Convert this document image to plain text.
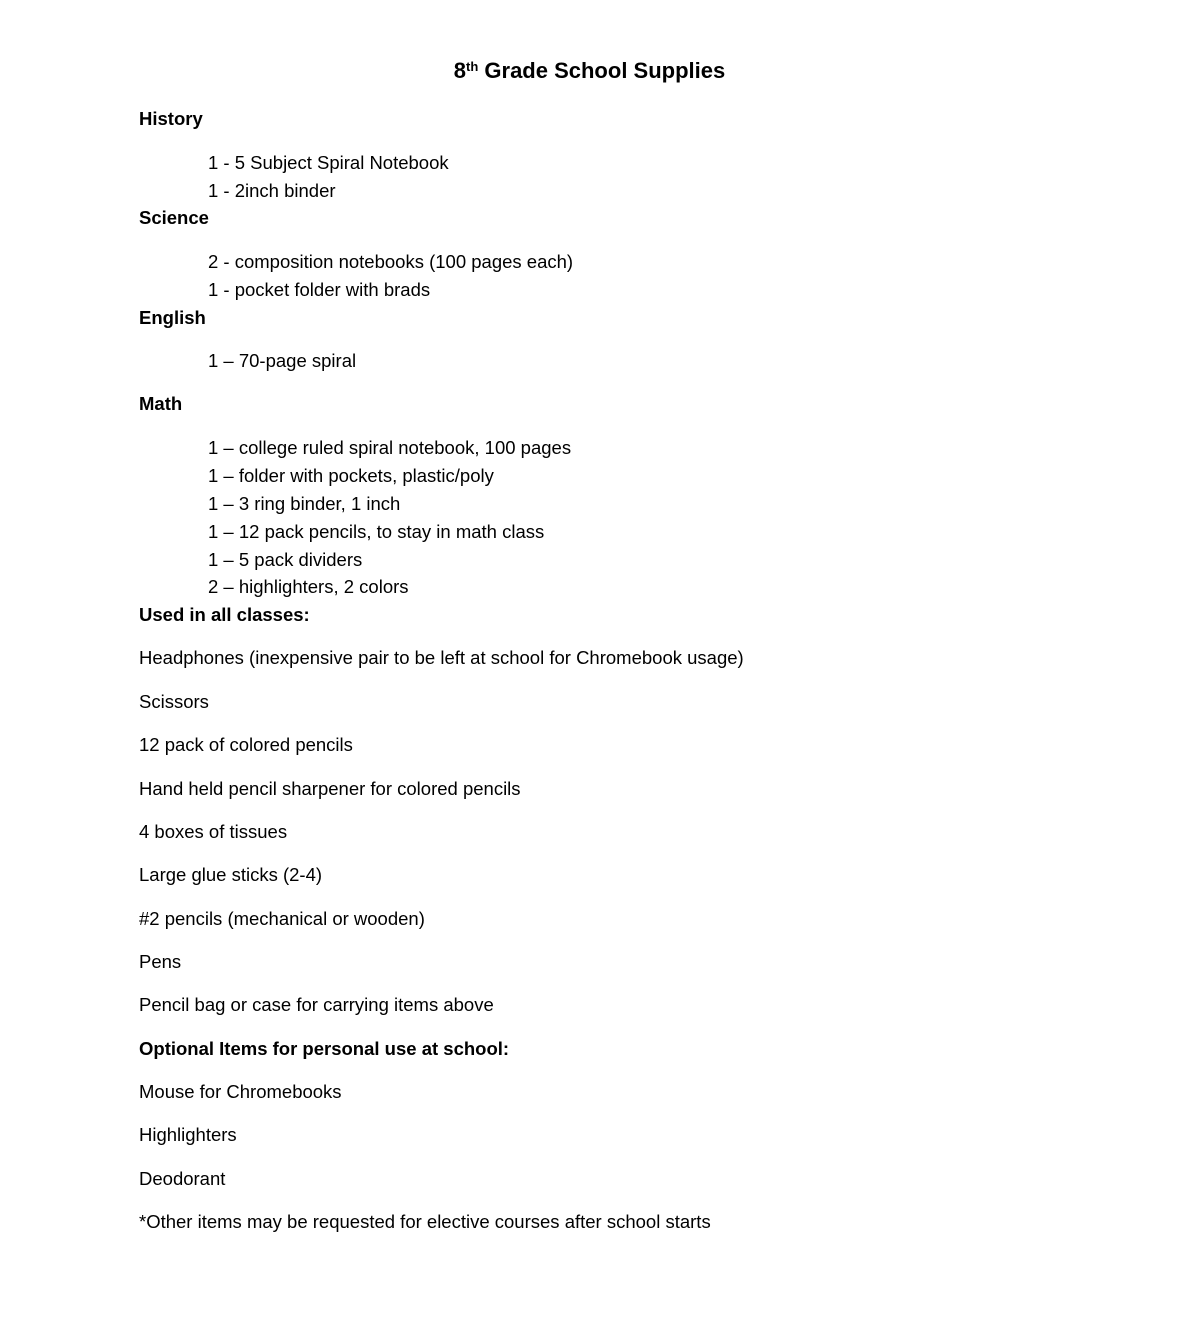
8th Grade School Supplies
History
1 - 5 Subject Spiral Notebook
1 - 2inch binder
Science
2 - composition notebooks (100 pages each)
1 - pocket folder with brads
English
1 – 70-page spiral
Math
1 – college ruled spiral notebook, 100 pages
1 – folder with pockets, plastic/poly
1 – 3 ring binder, 1 inch
1 – 12 pack pencils, to stay in math class
1 – 5 pack dividers
2 – highlighters, 2 colors
Used in all classes:
Headphones (inexpensive pair to be left at school for Chromebook usage)
Scissors
12 pack of colored pencils
Hand held pencil sharpener for colored pencils
4 boxes of tissues
Large glue sticks (2-4)
#2 pencils (mechanical or wooden)
Pens
Pencil bag or case for carrying items above
Optional Items for personal use at school:
Mouse for Chromebooks
Highlighters
Deodorant
*Other items may be requested for elective courses after school starts
